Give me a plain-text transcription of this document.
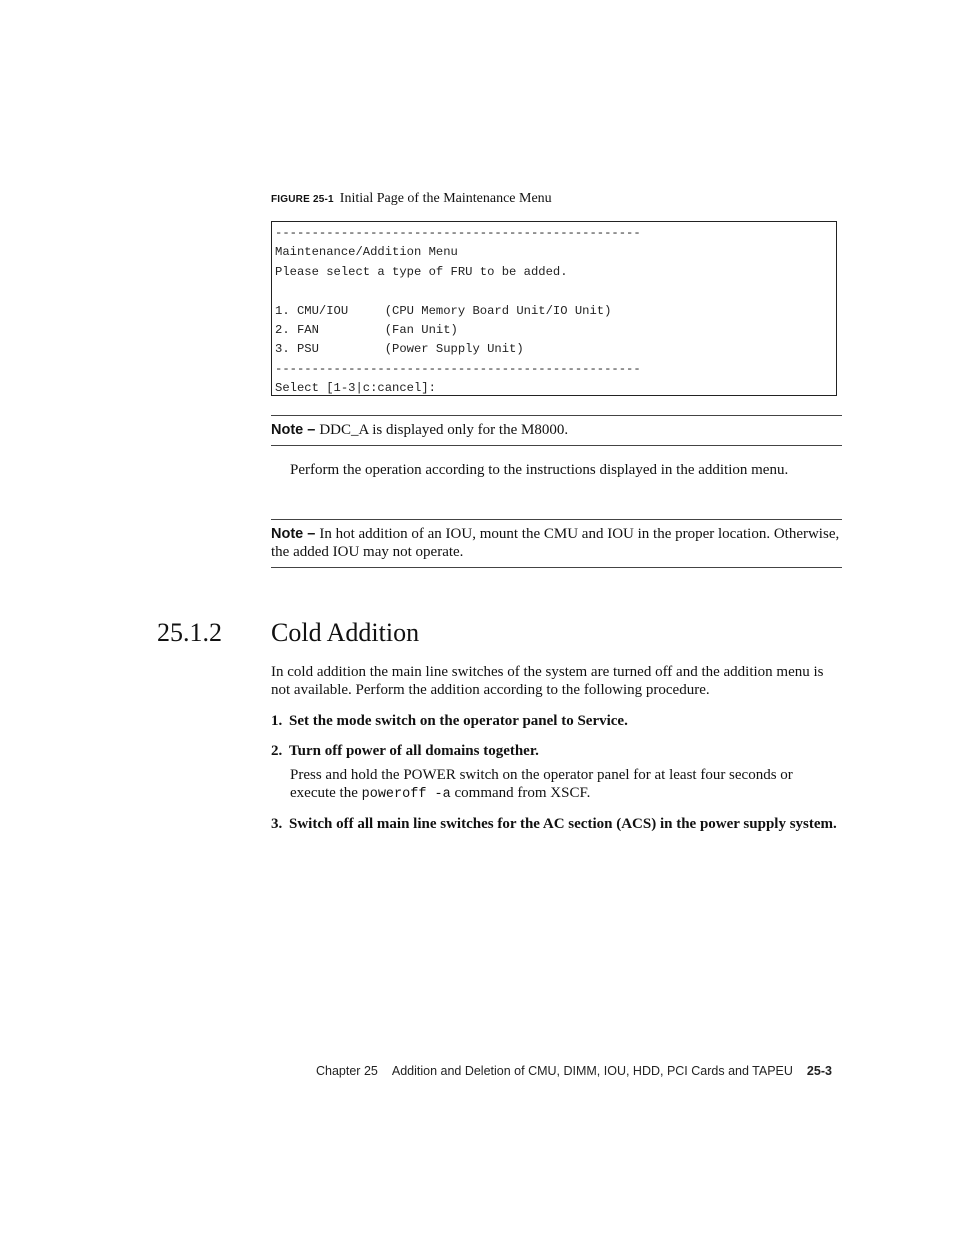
FIGURE 25-1 Initial Page of the Maintenance Menu
--------------------------------------------------
Maintenance/Addition Menu
Please select a type of FRU to be added.
1. CMU/IOU     (CPU Memory Board Unit/IO Unit)
2. FAN         (Fan Unit)
3. PSU         (Power Supply Unit)
--------------------------------------------------
Select [1-3|c:cancel]:
Note – DDC_A is displayed only for the M8000.
Perform the operation according to the instructions displayed in the addition menu.
Note – In hot addition of an IOU, mount the CMU and IOU in the proper location. Otherwise, the added IOU may not operate.
25.1.2 Cold Addition
In cold addition the main line switches of the system are turned off and the addition menu is not available. Perform the addition according to the following procedure.
1. Set the mode switch on the operator panel to Service.
2. Turn off power of all domains together.
Press and hold the POWER switch on the operator panel for at least four seconds or execute the poweroff -a command from XSCF.
3. Switch off all main line switches for the AC section (ACS) in the power supply system.
Chapter 25 Addition and Deletion of CMU, DIMM, IOU, HDD, PCI Cards and TAPEU 25-3
